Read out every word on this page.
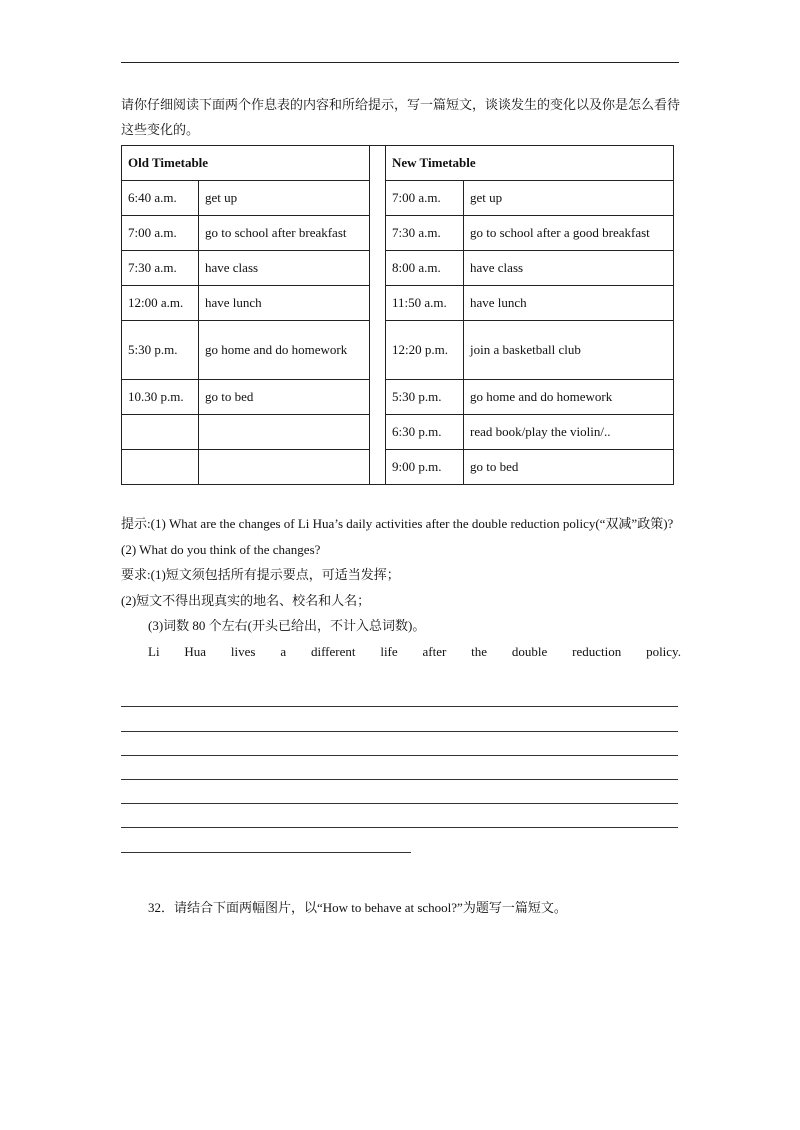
请你仔细阅读下面两个作息表的内容和所给提示，写一篇短文，谈谈发生的变化以及你是怎么看待这些变化的。
Old Timetable			New Timetable	
6:40 a.m.	get up		7:00 a.m.	get up
7:00 a.m.	go to school after breakfast		7:30 a.m.	go to school after a good breakfast
7:30 a.m.	have class		8:00 a.m.	have class
12:00 a.m.	have lunch		11:50 a.m.	have lunch
5:30 p.m.	go home and do homework		12:20 p.m.	join a basketball club
10.30 p.m.	go to bed		5:30 p.m.	go home and do homework
			6:30 p.m.	read book/play the violin/..
			9:00 p.m.	go to bed

提示:(1) What are the changes of Li Hua’s daily activities after the double reduction policy(“双减”政策)?

(2) What do you think of the changes?

要求:(1)短文须包括所有提示要点，可适当发挥；

(2)短文不得出现真实的地名、校名和人名；

(3)词数 80 个左右(开头已给出，不计入总词数)。

Li Hua lives a different life after the double reduction policy.
32．请结合下面两幅图片，以“How to behave at school?”为题写一篇短文。
